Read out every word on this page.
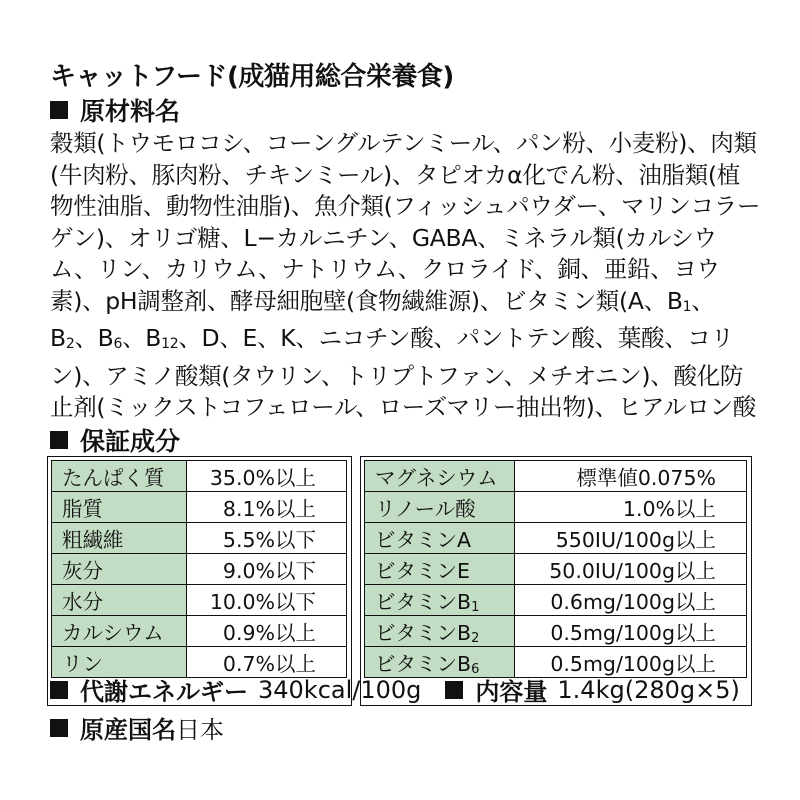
キャットフード(成猫用総合栄養食)
原材料名
穀類(トウモロコシ、コーングルテンミール、パン粉、小麦粉)、肉類(牛肉粉、豚肉粉、チキンミール)、タピオカα化でん粉、油脂類(植物性油脂、動物性油脂)、魚介類(フィッシュパウダー、マリンコラーゲン)、オリゴ糖、L−カルニチン、GABA、ミネラル類(カルシウム、リン、カリウム、ナトリウム、クロライド、銅、亜鉛、ヨウ素)、pH調整剤、酵母細胞壁(食物繊維源)、ビタミン類(A、$B_1$、$B_2$、$B_6$、$B_{12}$、D、E、K、ニコチン酸、パントテン酸、葉酸、コリン)、アミノ酸類(タウリン、トリプトファン、メチオニン)、酸化防止剤(ミックストコフェロール、ローズマリー抽出物)、ヒアルロン酸
保証成分
たんぱく質	35.0%以上
脂質	8.1%以上
粗繊維	5.5%以下
灰分	9.0%以下
水分	10.0%以下
カルシウム	0.9%以上
リン	0.7%以上
マグネシウム	標準値0.075%
リノール酸	1.0%以上
ビタミンA	550IU/100g以上
ビタミンE	50.0IU/100g以上
ビタミン$B_1$	0.6mg/100g以上
ビタミン$B_2$	0.5mg/100g以上
ビタミン$B_6$	0.5mg/100g以上
代謝エネルギー 340kcal/100g 内容量 1.4kg(280g×5)
原産国名 日本
